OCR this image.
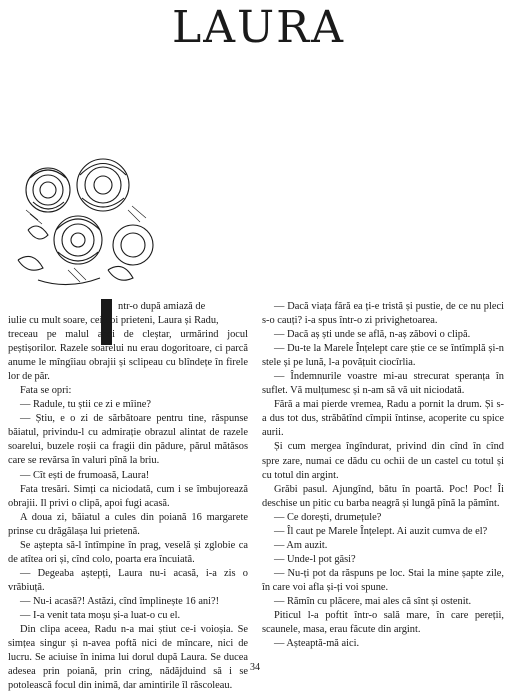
LAURA

ntr-o după amiază de

iulie cu mult soare, cei doi prieteni, Laura și Radu,

treceau pe malul apei de cleștar, urmărind jocul peștișorilor. Razele soarelui nu erau dogoritoare, ci parcă anume le mîngîiau obrajii și sclipeau cu blîndețe în firele lor de păr.

Fata se opri:

— Radule, tu știi ce zi e mîine?

— Știu, e o zi de sărbătoare pentru tine, răspunse băiatul, privindu-l cu admirație obrazul alintat de razele soarelui, buzele roșii ca fragii din pădure, părul mătăsos care se revărsa în valuri pînă la briu.

— Cît ești de frumoasă, Laura!

Fata tresări. Simți ca niciodată, cum i se îmbujorează obrajii. Il privi o clipă, apoi fugi acasă.

A doua zi, băiatul a cules din poiană 16 margarete prinse cu drăgălașa lui prietenă.

Se aștepta să-l întîmpine în prag, veselă și zglobie ca de atîtea ori și, cînd colo, poarta era încuiată.

— Degeaba aștepți, Laura nu-i acasă, i-a zis o vrăbiuță.

— Nu-i acasă?! Astăzi, cînd împlinește 16 ani?!

— I-a venit tata moșu și-a luat-o cu el.

Din clipa aceea, Radu n-a mai știut ce-i voioșia. Se simțea singur și n-avea poftă nici de mîncare, nici de lucru. Se aciuise în inima lui dorul după Laura. Se ducea adesea prin poiană, prin cring, nădăjduind să i se potolească focul din inimă, dar amintirile îl răscoleau.

— Dacă viața fără ea ți-e tristă și pustie, de ce nu pleci s-o cauți? i-a spus într-o zi privighetoarea.

— Dacă aș ști unde se află, n-aș zăbovi o clipă.

— Du-te la Marele Înțelept care știe ce se întîmplă și-n stele și pe lună, l-a povățuit ciocîrlia.

— Îndemnurile voastre mi-au strecurat speranța în suflet. Vă mulțumesc și n-am să vă uit niciodată.

Fără a mai pierde vremea, Radu a pornit la drum. Și s-a dus tot dus, străbătînd cîmpii întinse, acoperite cu spice aurii.

Și cum mergea îngîndurat, privind din cînd în cînd spre zare, numai ce dădu cu ochii de un castel cu totul și cu totul din argint.

Grăbi pasul. Ajungînd, bătu în poartă. Poc! Poc! Îi deschise un pitic cu barba neagră și lungă pînă la pămînt.

— Ce dorești, drumețule?

— Îl caut pe Marele Înțelept. Ai auzit cumva de el?

— Am auzit.

— Unde-l pot găsi?

— Nu-ți pot da răspuns pe loc. Stai la mine șapte zile, în care voi afla și-ți voi spune.

— Rămîn cu plăcere, mai ales că sînt și ostenit.

Piticul l-a poftit într-o sală mare, în care pereții, scaunele, masa, erau făcute din argint.

— Așteaptă-mă aici.

34
